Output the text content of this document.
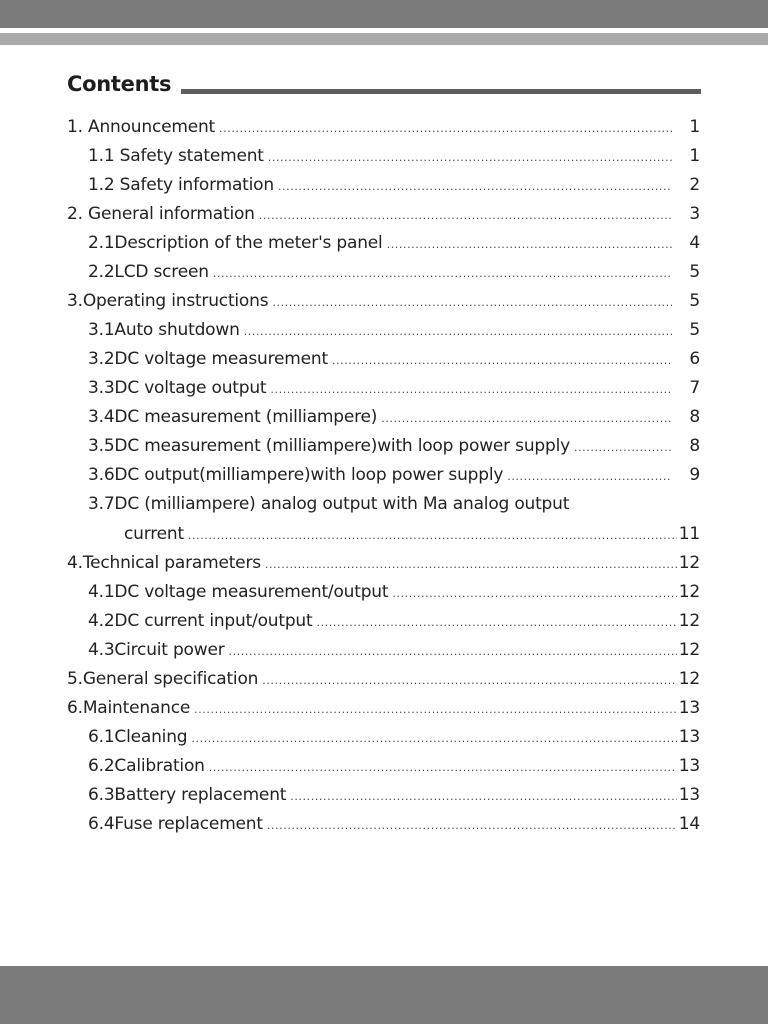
Contents
1. Announcement .....	1
1.1 Safety statement .....	1
1.2 Safety information .....	2
2. General information .....	3
2.1Description of the meter's panel .....	4
2.2LCD screen .....	5
3.Operating instructions .....	5
3.1Auto shutdown .....	5
3.2DC voltage measurement .....	6
3.3DC voltage output .....	7
3.4DC measurement (milliampere) .....	8
3.5DC measurement (milliampere)with loop power supply .....	8
3.6DC output(milliampere)with loop power supply .....	9
3.7DC (milliampere) analog output with Ma analog output
current .....	11
4.Technical parameters .....	12
4.1DC voltage measurement/output .....	12
4.2DC current input/output .....	12
4.3Circuit power .....	12
5.General specification .....	12
6.Maintenance .....	13
6.1Cleaning .....	13
6.2Calibration .....	13
6.3Battery replacement .....	13
6.4Fuse replacement .....	14
